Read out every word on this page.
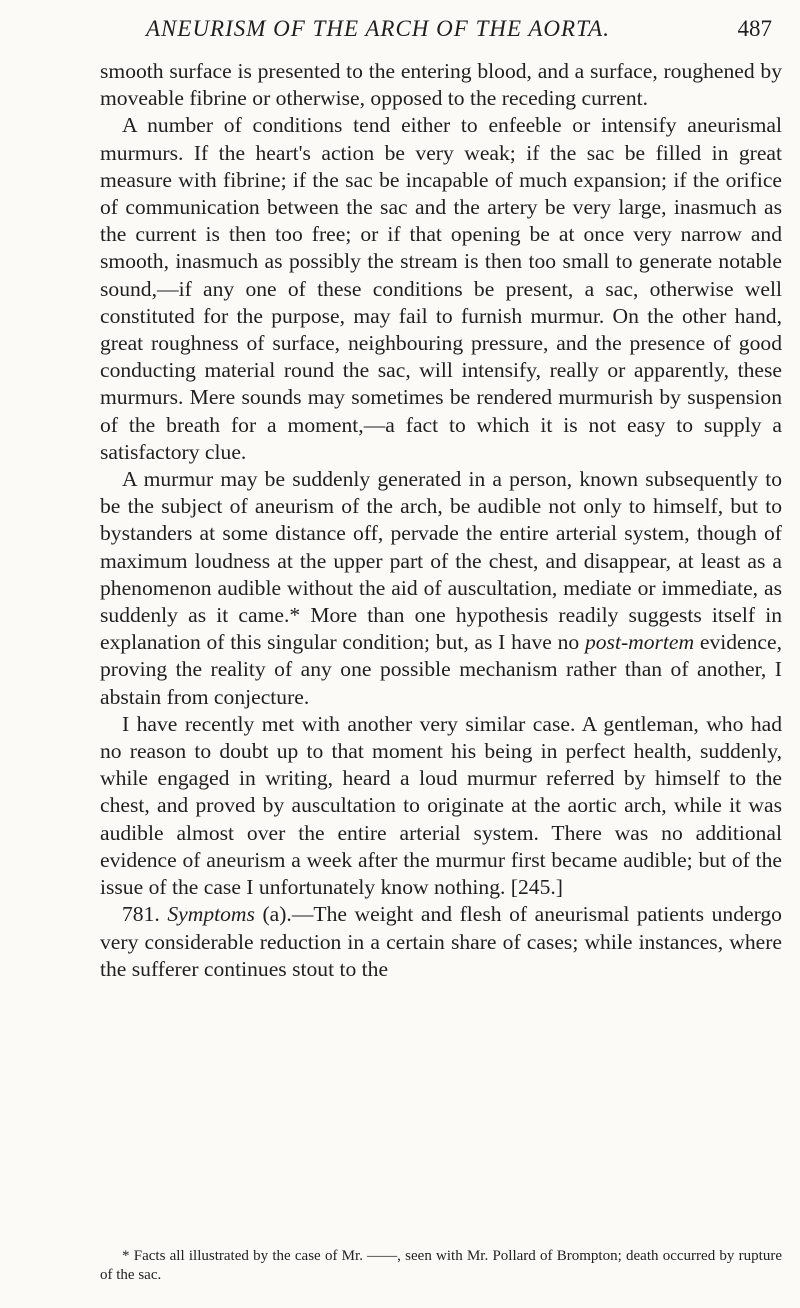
ANEURISM OF THE ARCH OF THE AORTA.	487

smooth surface is presented to the entering blood, and a surface, roughened by moveable fibrine or otherwise, opposed to the receding current.

A number of conditions tend either to enfeeble or intensify aneurismal murmurs. If the heart's action be very weak; if the sac be filled in great measure with fibrine; if the sac be incapable of much expansion; if the orifice of communication between the sac and the artery be very large, inasmuch as the current is then too free; or if that opening be at once very narrow and smooth, inasmuch as possibly the stream is then too small to generate notable sound,—if any one of these conditions be present, a sac, otherwise well constituted for the purpose, may fail to furnish murmur. On the other hand, great roughness of surface, neighbouring pressure, and the presence of good conducting material round the sac, will intensify, really or apparently, these murmurs. Mere sounds may sometimes be rendered murmurish by suspension of the breath for a moment,—a fact to which it is not easy to supply a satisfactory clue.

A murmur may be suddenly generated in a person, known subsequently to be the subject of aneurism of the arch, be audible not only to himself, but to bystanders at some distance off, pervade the entire arterial system, though of maximum loudness at the upper part of the chest, and disappear, at least as a phenomenon audible without the aid of auscultation, mediate or immediate, as suddenly as it came.* More than one hypothesis readily suggests itself in explanation of this singular condition; but, as I have no post-mortem evidence, proving the reality of any one possible mechanism rather than of another, I abstain from conjecture.

I have recently met with another very similar case. A gentleman, who had no reason to doubt up to that moment his being in perfect health, suddenly, while engaged in writing, heard a loud murmur referred by himself to the chest, and proved by auscultation to originate at the aortic arch, while it was audible almost over the entire arterial system. There was no additional evidence of aneurism a week after the murmur first became audible; but of the issue of the case I unfortunately know nothing. [245.]

781. Symptoms (a).—The weight and flesh of aneurismal patients undergo very considerable reduction in a certain share of cases; while instances, where the sufferer continues stout to the

* Facts all illustrated by the case of Mr. ——, seen with Mr. Pollard of Brompton; death occurred by rupture of the sac.
